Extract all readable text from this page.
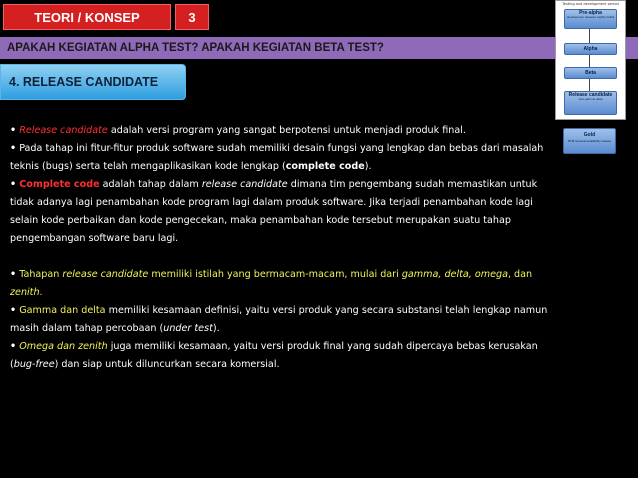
TEORI / KONSEP	3
APAKAH KEGIATAN ALPHA TEST? APAKAH KEGIATAN BETA TEST?
4. RELEASE CANDIDATE
Testing and development period
Pre-alpha
development releases nightly builds
Alpha
Beta
Release candidate
zero gamma delta
Gold
RTM General availability release

• Release candidate adalah versi program yang sangat berpotensi untuk menjadi produk final.

• Pada tahap ini fitur-fitur produk software sudah memiliki desain fungsi yang lengkap dan bebas dari masalah teknis (bugs) serta telah mengaplikasikan kode lengkap (complete code).

• Complete code adalah tahap dalam release candidate dimana tim pengembang sudah memastikan untuk tidak adanya lagi penambahan kode program lagi dalam produk software. Jika terjadi penambahan kode lagi selain kode perbaikan dan kode pengecekan, maka penambahan kode tersebut merupakan suatu tahap pengembangan software baru lagi.

• Tahapan release candidate memiliki istilah yang bermacam-macam, mulai dari gamma, delta, omega, dan zenith.

• Gamma dan delta memiliki kesamaan definisi, yaitu versi produk yang secara substansi telah lengkap namun masih dalam tahap percobaan (under test).

• Omega dan zenith juga memiliki kesamaan, yaitu versi produk final yang sudah dipercaya bebas kerusakan (bug-free) dan siap untuk diluncurkan secara komersial.
